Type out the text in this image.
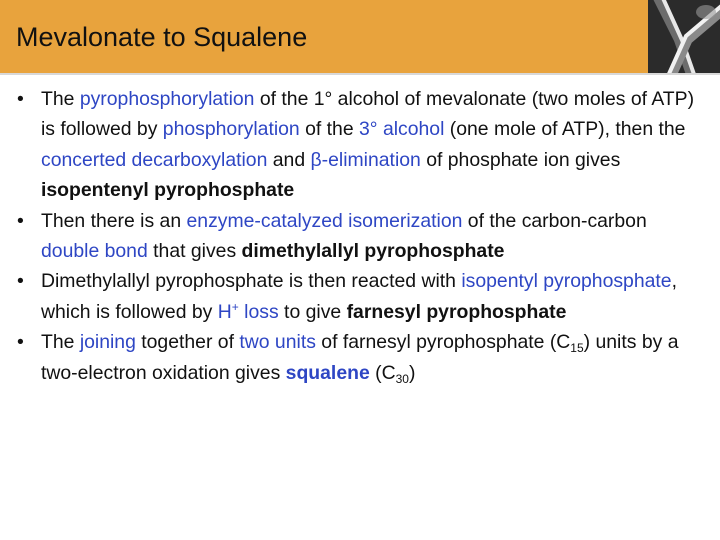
Mevalonate to Squalene
• The pyrophosphorylation of the 1° alcohol of mevalonate (two moles of ATP) is followed by phosphorylation of the 3° alcohol (one mole of ATP), then the concerted decarboxylation and β-elimination of phosphate ion gives isopentenyl pyrophosphate
• Then there is an enzyme-catalyzed isomerization of the carbon-carbon double bond that gives dimethylallyl pyrophosphate
• Dimethylallyl pyrophosphate is then reacted with isopentyl pyrophosphate, which is followed by H+ loss to give farnesyl pyrophosphate
• The joining together of two units of farnesyl pyrophosphate $(C_{15})$ units by a two-electron oxidation gives squalene $(C_{30})$
